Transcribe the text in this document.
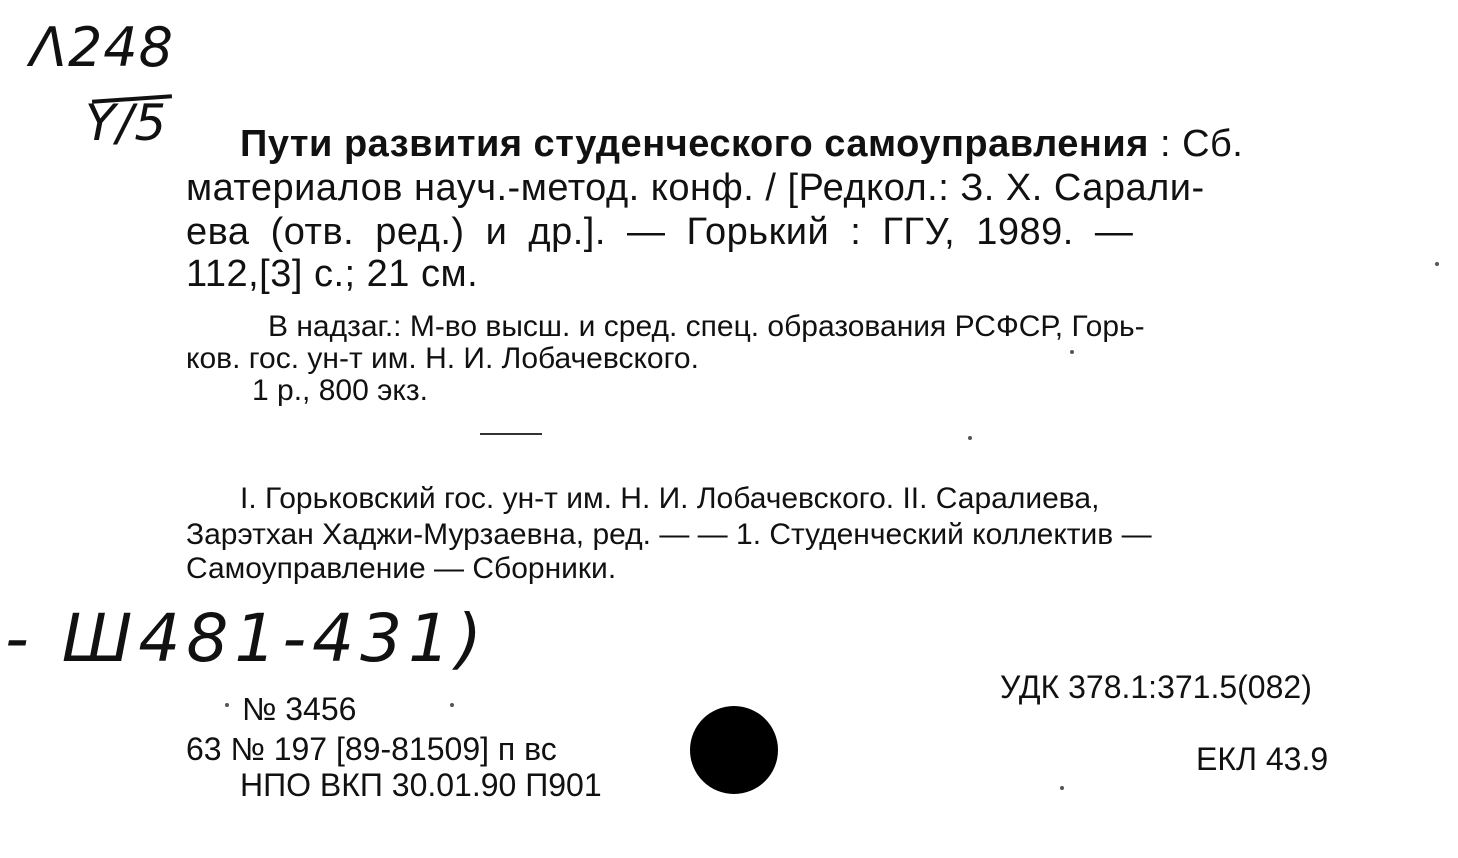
Λ248
Y/5 Пути развития студенческого самоуправления : Сб.
материалов науч.-метод. конф. / [Редкол.: З. Х. Сарали-
ева (отв. ред.) и др.]. — Горький : ГГУ, 1989. —
112,[3] с.; 21 см.
В надзаг.: М-во высш. и сред. спец. образования РСФСР, Горь-
ков. гос. ун-т им. Н. И. Лобачевского.
1 р., 800 экз.
I. Горьковский гос. ун-т им. Н. И. Лобачевского. II. Саралиева,
Зарэтхан Хаджи-Мурзаевна, ред. — — 1. Студенческий коллектив —
Самоуправление — Сборники.
- Ш481-431)
№ 3456
63 № 197 [89-81509] п вс
НПО ВКП 30.01.90 П901
УДК 378.1:371.5(082)
ЕКЛ 43.9
